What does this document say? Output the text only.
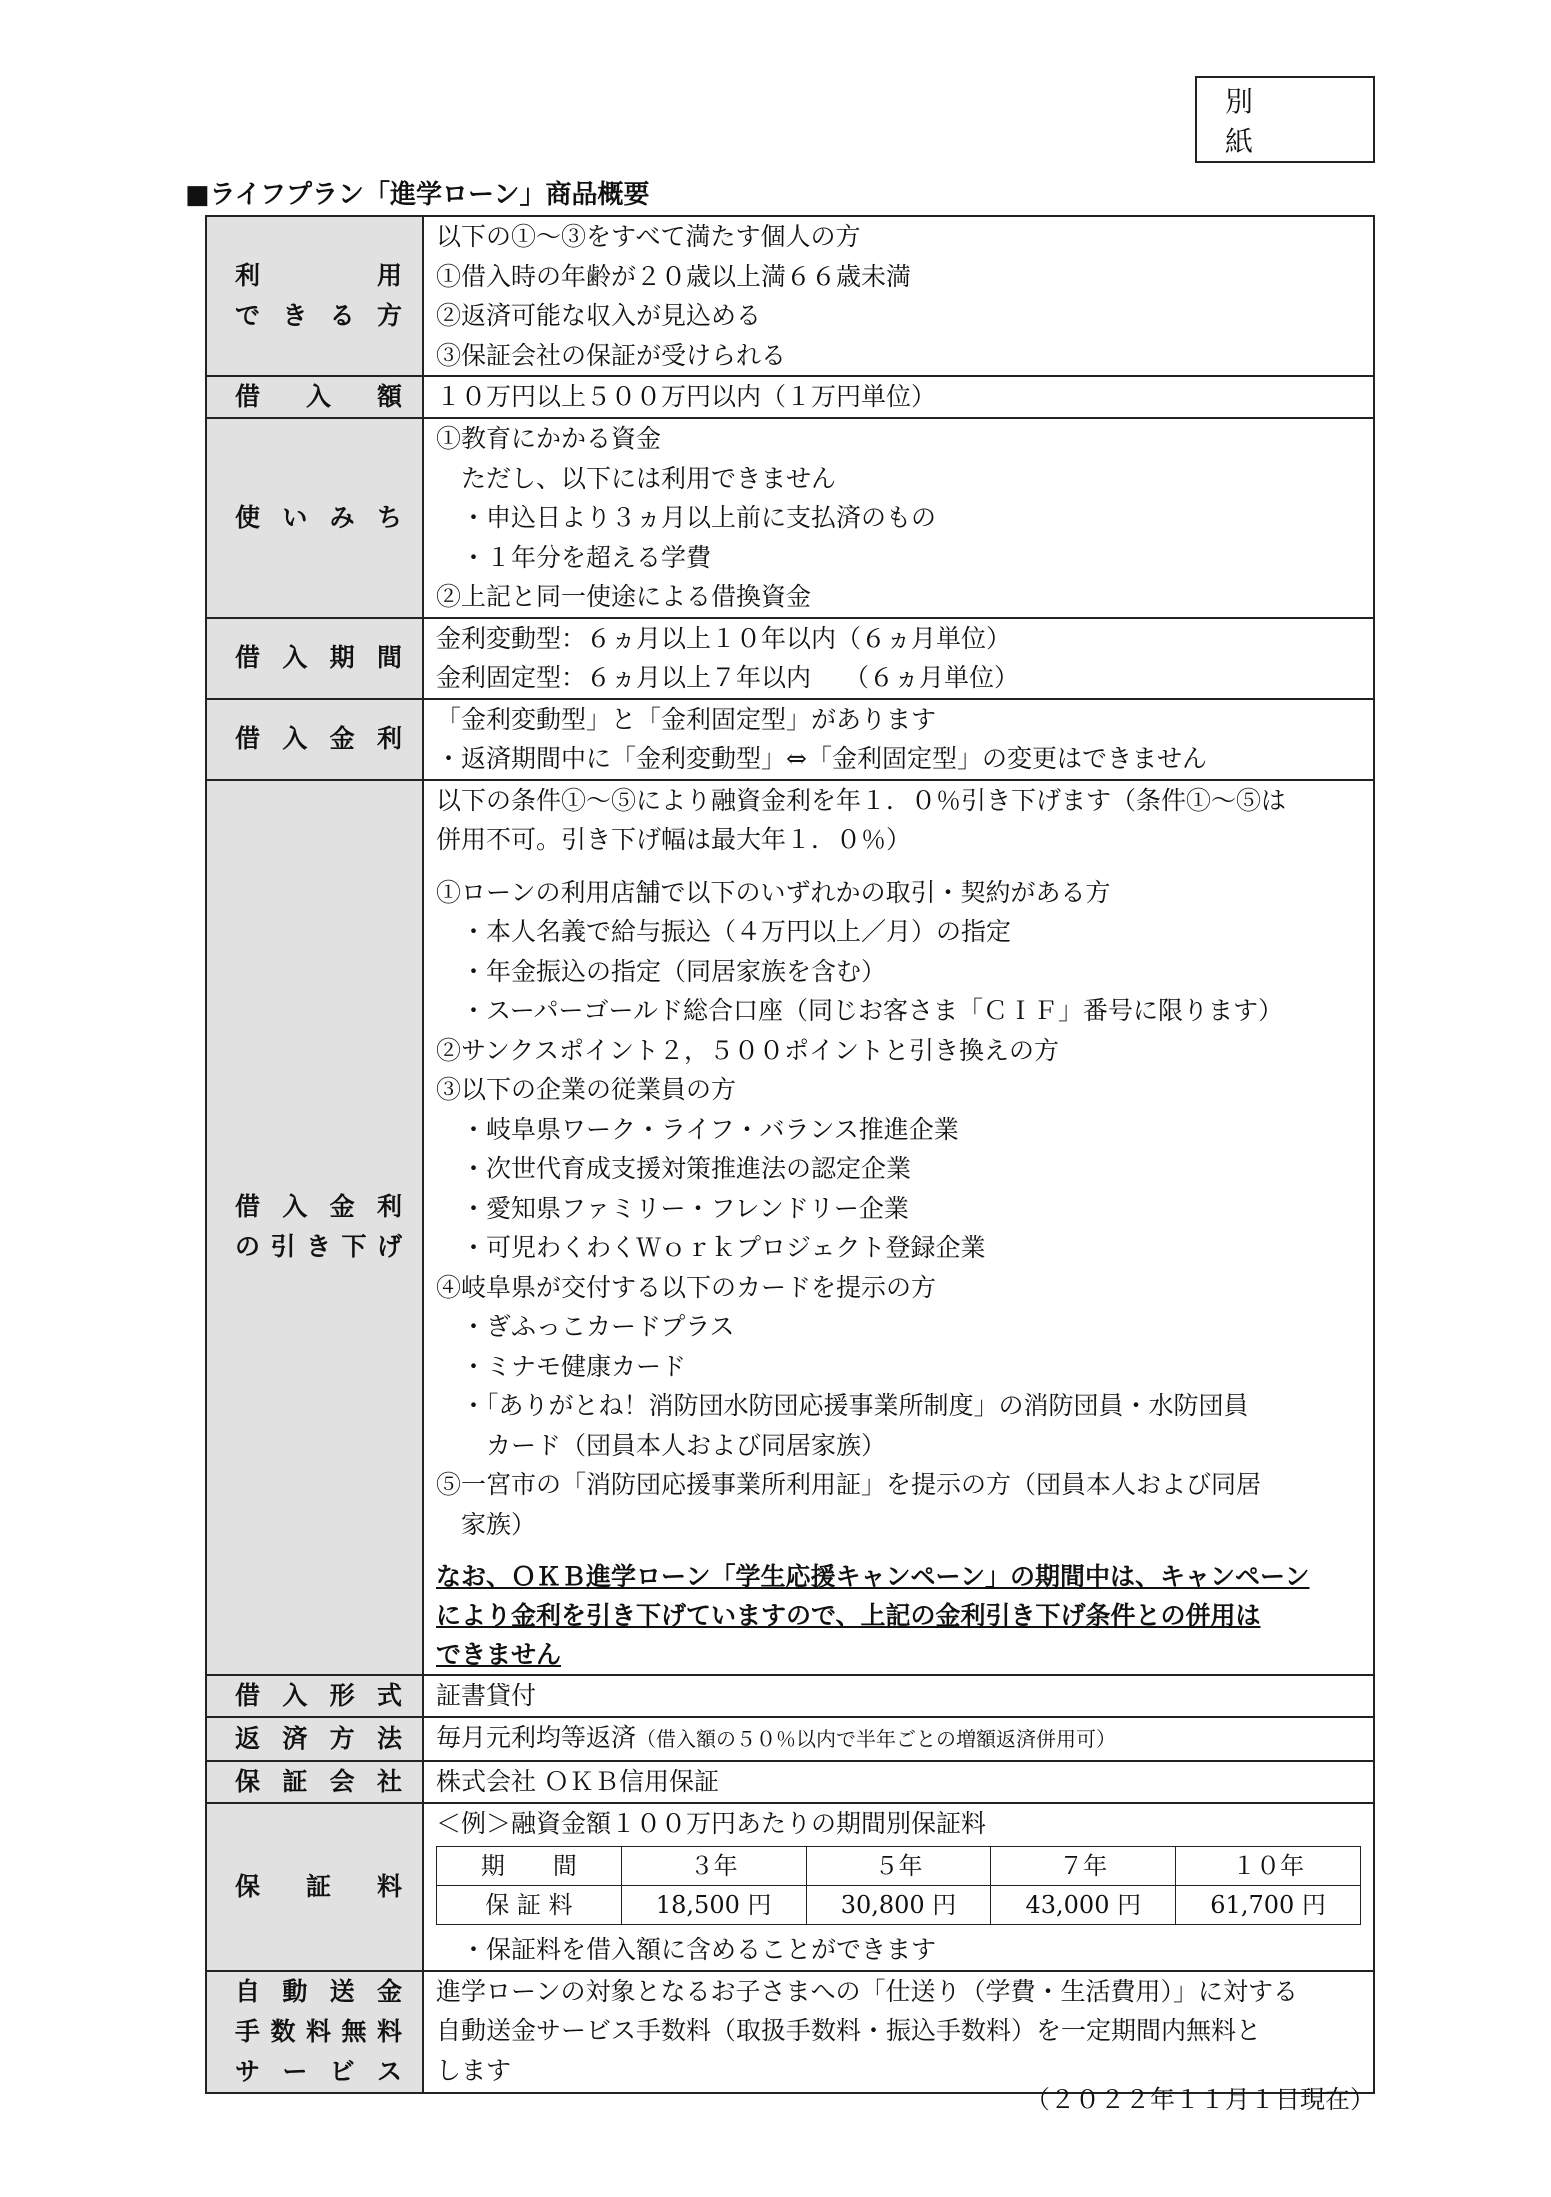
別　紙
■ライフプラン「進学ローン」商品概要
利　　用
で き る 方

以下の①～③をすべて満たす個人の方
①借入時の年齢が２０歳以上満６６歳未満
②返済可能な収入が見込める
③保証会社の保証が受けられる

借　入　額	１０万円以上５００万円以内（１万円単位）

使 い み ち

①教育にかかる資金
　ただし、以下には利用できません
　・申込日より３ヵ月以上前に支払済のもの
　・１年分を超える学費
②上記と同一使途による借換資金

借 入 期 間

金利変動型：６ヵ月以上１０年以内（６ヵ月単位）
金利固定型：６ヵ月以上７年以内　 （６ヵ月単位）

借 入 金 利

「金利変動型」と「金利固定型」があります
・返済期間中に「金利変動型」⇔「金利固定型」の変更はできません

借 入 金 利
の 引 き 下 げ

以下の条件①～⑤により融資金利を年１．０％引き下げます（条件①～⑤は
併用不可。引き下げ幅は最大年１．０％）
①ローンの利用店舗で以下のいずれかの取引・契約がある方
　・本人名義で給与振込（４万円以上／月）の指定
　・年金振込の指定（同居家族を含む）
　・スーパーゴールド総合口座（同じお客さま「ＣＩＦ」番号に限ります）
②サンクスポイント２，５００ポイントと引き換えの方
③以下の企業の従業員の方
　・岐阜県ワーク・ライフ・バランス推進企業
　・次世代育成支援対策推進法の認定企業
　・愛知県ファミリー・フレンドリー企業
　・可児わくわくＷｏｒｋプロジェクト登録企業
④岐阜県が交付する以下のカードを提示の方
　・ぎふっこカードプラス
　・ミナモ健康カード
　・「ありがとね！消防団水防団応援事業所制度」の消防団員・水防団員
　　カード（団員本人および同居家族）
⑤一宮市の「消防団応援事業所利用証」を提示の方（団員本人および同居
　家族）
なお、ＯＫＢ進学ローン「学生応援キャンペーン」の期間中は、キャンペーン
により金利を引き下げていますので、上記の金利引き下げ条件との併用は
できません

借 入 形 式	証書貸付

返 済 方 法	毎月元利均等返済（借入額の５０％以内で半年ごとの増額返済併用可）

保 証 会 社	株式会社 ＯＫＢ信用保証

保　証　料

＜例＞融資金額１００万円あたりの期間別保証料
期　　間	３年	５年	７年	１０年
保 証 料	18,500 円	30,800 円	43,000 円	61,700 円
　・保証料を借入額に含めることができます

自 動 送 金
手 数 料 無 料
サ ー ビ ス

進学ローンの対象となるお子さまへの「仕送り（学費・生活費用）」に対する
自動送金サービス手数料（取扱手数料・振込手数料）を一定期間内無料と
します
（２０２２年１１月１日現在）
